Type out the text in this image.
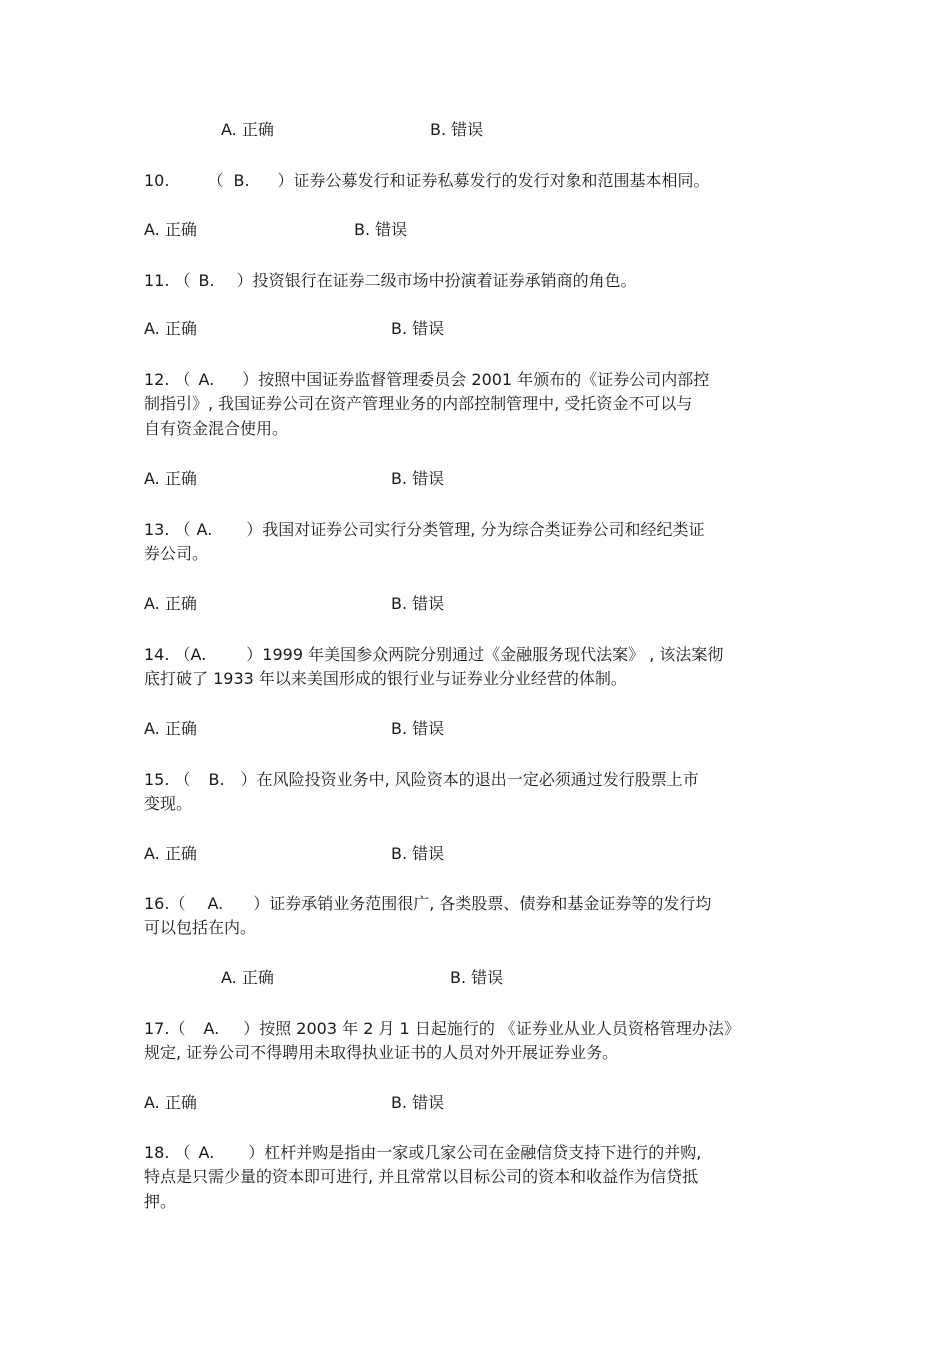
A. 正确	B. 错误
10. （ B. ）证券公募发行和证券私募发行的发行对象和范围基本相同。
A. 正确	B. 错误
11. （ B. ）投资银行在证券二级市场中扮演着证券承销商的角色。
A. 正确	B. 错误
12. （ A. ）按照中国证券监督管理委员会 2001 年颁布的《证券公司内部控
制指引》, 我国证券公司在资产管理业务的内部控制管理中, 受托资金不可以与
自有资金混合使用。
A. 正确	B. 错误
13. （ A. ）我国对证券公司实行分类管理, 分为综合类证券公司和经纪类证
券公司。
A. 正确	B. 错误
14. （A.	）1999 年美国参众两院分别通过《金融服务现代法案》 , 该法案彻
底打破了 1933 年以来美国形成的银行业与证券业分业经营的体制。
A. 正确	B. 错误
15. （ B. ）在风险投资业务中, 风险资本的退出一定必须通过发行股票上市
变现。
A. 正确	B. 错误
16.（ A. ）证券承销业务范围很广, 各类股票、债券和基金证券等的发行均
可以包括在内。
A. 正确	B. 错误
17.（ A. ）按照 2003 年 2 月 1 日起施行的 《证券业从业人员资格管理办法》
规定, 证券公司不得聘用未取得执业证书的人员对外开展证券业务。
A. 正确	B. 错误
18. （ A. ）杠杆并购是指由一家或几家公司在金融信贷支持下进行的并购,
特点是只需少量的资本即可进行, 并且常常以目标公司的资本和收益作为信贷抵
押。
